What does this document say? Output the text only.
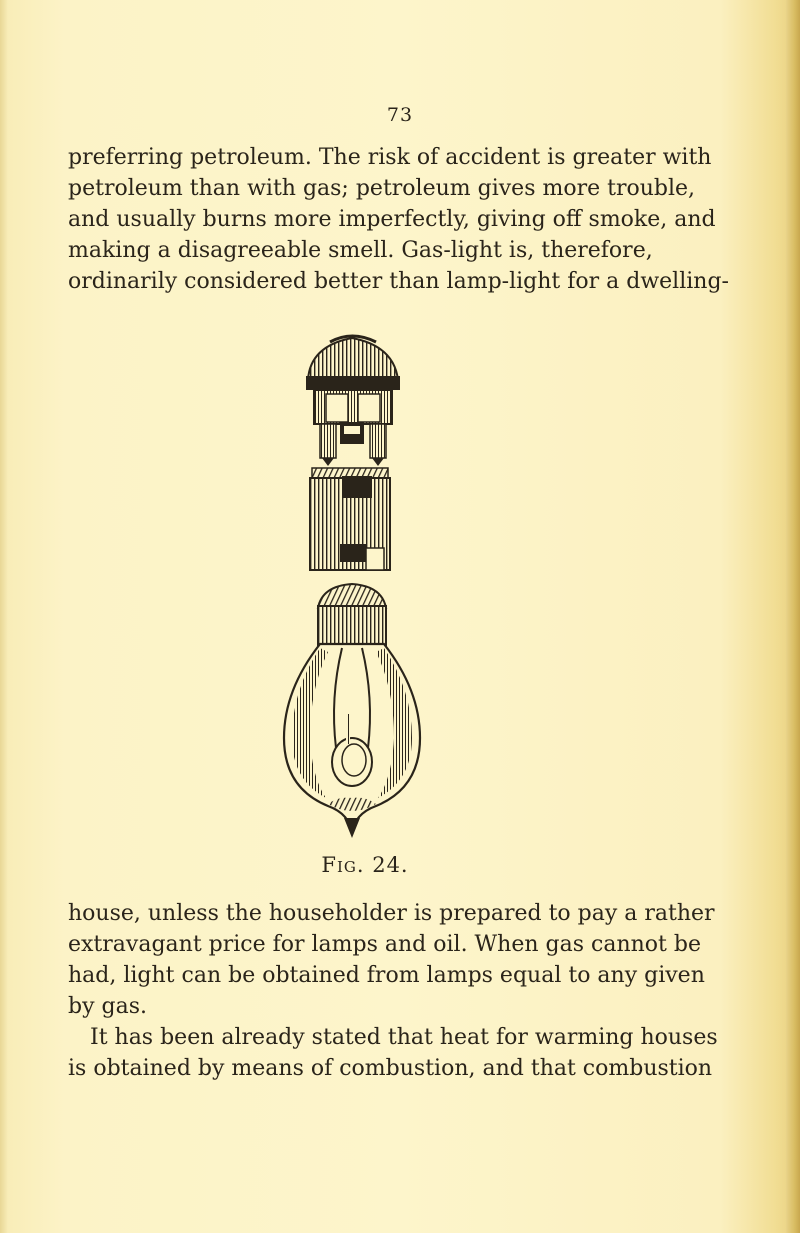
73
preferring petroleum. The risk of accident is greater with
petroleum than with gas; petroleum gives more trouble,
and usually burns more imperfectly, giving off smoke, and
making a disagreeable smell. Gas-light is, therefore,
ordinarily considered better than lamp-light for a dwelling-
Fig. 24.
house, unless the householder is prepared to pay a rather
extravagant price for lamps and oil. When gas cannot be
had, light can be obtained from lamps equal to any given
by gas.
It has been already stated that heat for warming houses
is obtained by means of combustion, and that combustion
